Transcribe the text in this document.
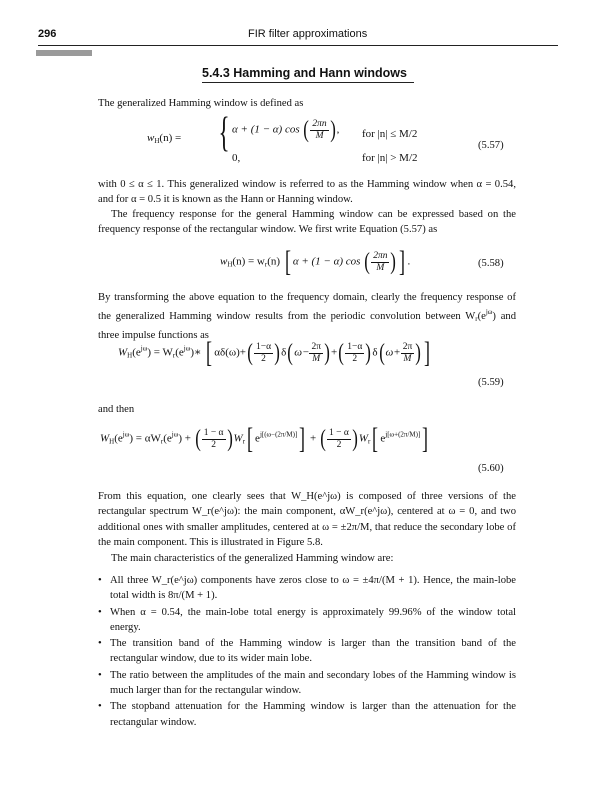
296	FIR filter approximations
5.4.3 Hamming and Hann windows

The generalized Hamming window is defined as

$w_H(n)$ = { α + (1 − α) cos ( $\frac{2\pi n}{M}$ ), for |n| ≤ M/2
0,	for |n| > M/2
(5.57)

with 0 ≤ α ≤ 1. This generalized window is referred to as the Hamming window when α = 0.54, and for α = 0.5 it is known as the Hann or Hanning window.

The frequency response for the general Hamming window can be expressed based on the frequency response of the rectangular window. We first write Equation (5.57) as

$w_H(n) = w_r(n)$ [ α + (1 − α) cos ( $\frac{2\pi n}{M}$ ) ] .	(5.58)

By transforming the above equation to the frequency domain, clearly the frequency response of the generalized Hamming window results from the periodic convolution between $W_r(e^{j\omega})$ and three impulse functions as

$W_H(e^{j\omega})$ = $W_r(e^{j\omega})∗$ [ $\alpha\delta(\omega)+( \frac{1-\alpha}{2} )\delta(\omega- \frac{2\pi}{M}$ )+( $\frac{1-\alpha}{2} )\delta(\omega+ \frac{2\pi}{M}$ ) ]
(5.59)

and then

$W_H(e^{j\omega}) = \alpha W_r(e^{j\omega})$ + ( $\frac{1 - \alpha}{2} )W_r$[ $e^{j[(\omega-(2\pi/M)]}$] + ( $\frac{1 - \alpha}{2} )W_r$[ $e^{j[\omega+(2\pi/M)]}$]
(5.60)

From this equation, one clearly sees that W_H(e^jω) is composed of three versions of the rectangular spectrum W_r(e^jω): the main component, αW_r(e^jω), centered at ω = 0, and two additional ones with smaller amplitudes, centered at ω = ±2π/M, that reduce the secondary lobe of the main component. This is illustrated in Figure 5.8.

The main characteristics of the generalized Hamming window are:

• All three W_r(e^jω) components have zeros close to ω = ±4π/(M + 1). Hence, the main-lobe total width is 8π/(M + 1).
• When α = 0.54, the main-lobe total energy is approximately 99.96% of the window total energy.
• The transition band of the Hamming window is larger than the transition band of the rectangular window, due to its wider main lobe.
• The ratio between the amplitudes of the main and secondary lobes of the Hamming window is much larger than for the rectangular window.
• The stopband attenuation for the Hamming window is larger than the attenuation for the rectangular window.
